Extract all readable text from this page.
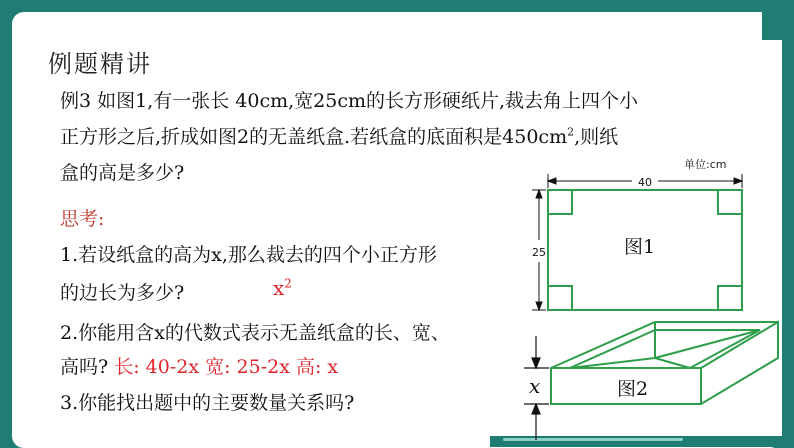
例题精讲
例3 如图1,有一张长 40cm,宽25cm的长方形硬纸片,裁去角上四个小
正方形之后,折成如图2的无盖纸盒.若纸盒的底面积是$450cm^2$,则纸
盒的高是多少?
思考:
1.若设纸盒的高为x,那么裁去的四个小正方形
的边长为多少?	$x^2$
2.你能用含x的代数式表示无盖纸盒的长、宽、
高吗? 长: 40-2x 宽: 25-2x 高: x
3.你能找出题中的主要数量关系吗?
单位:cm
40
25	图1
x	图2
